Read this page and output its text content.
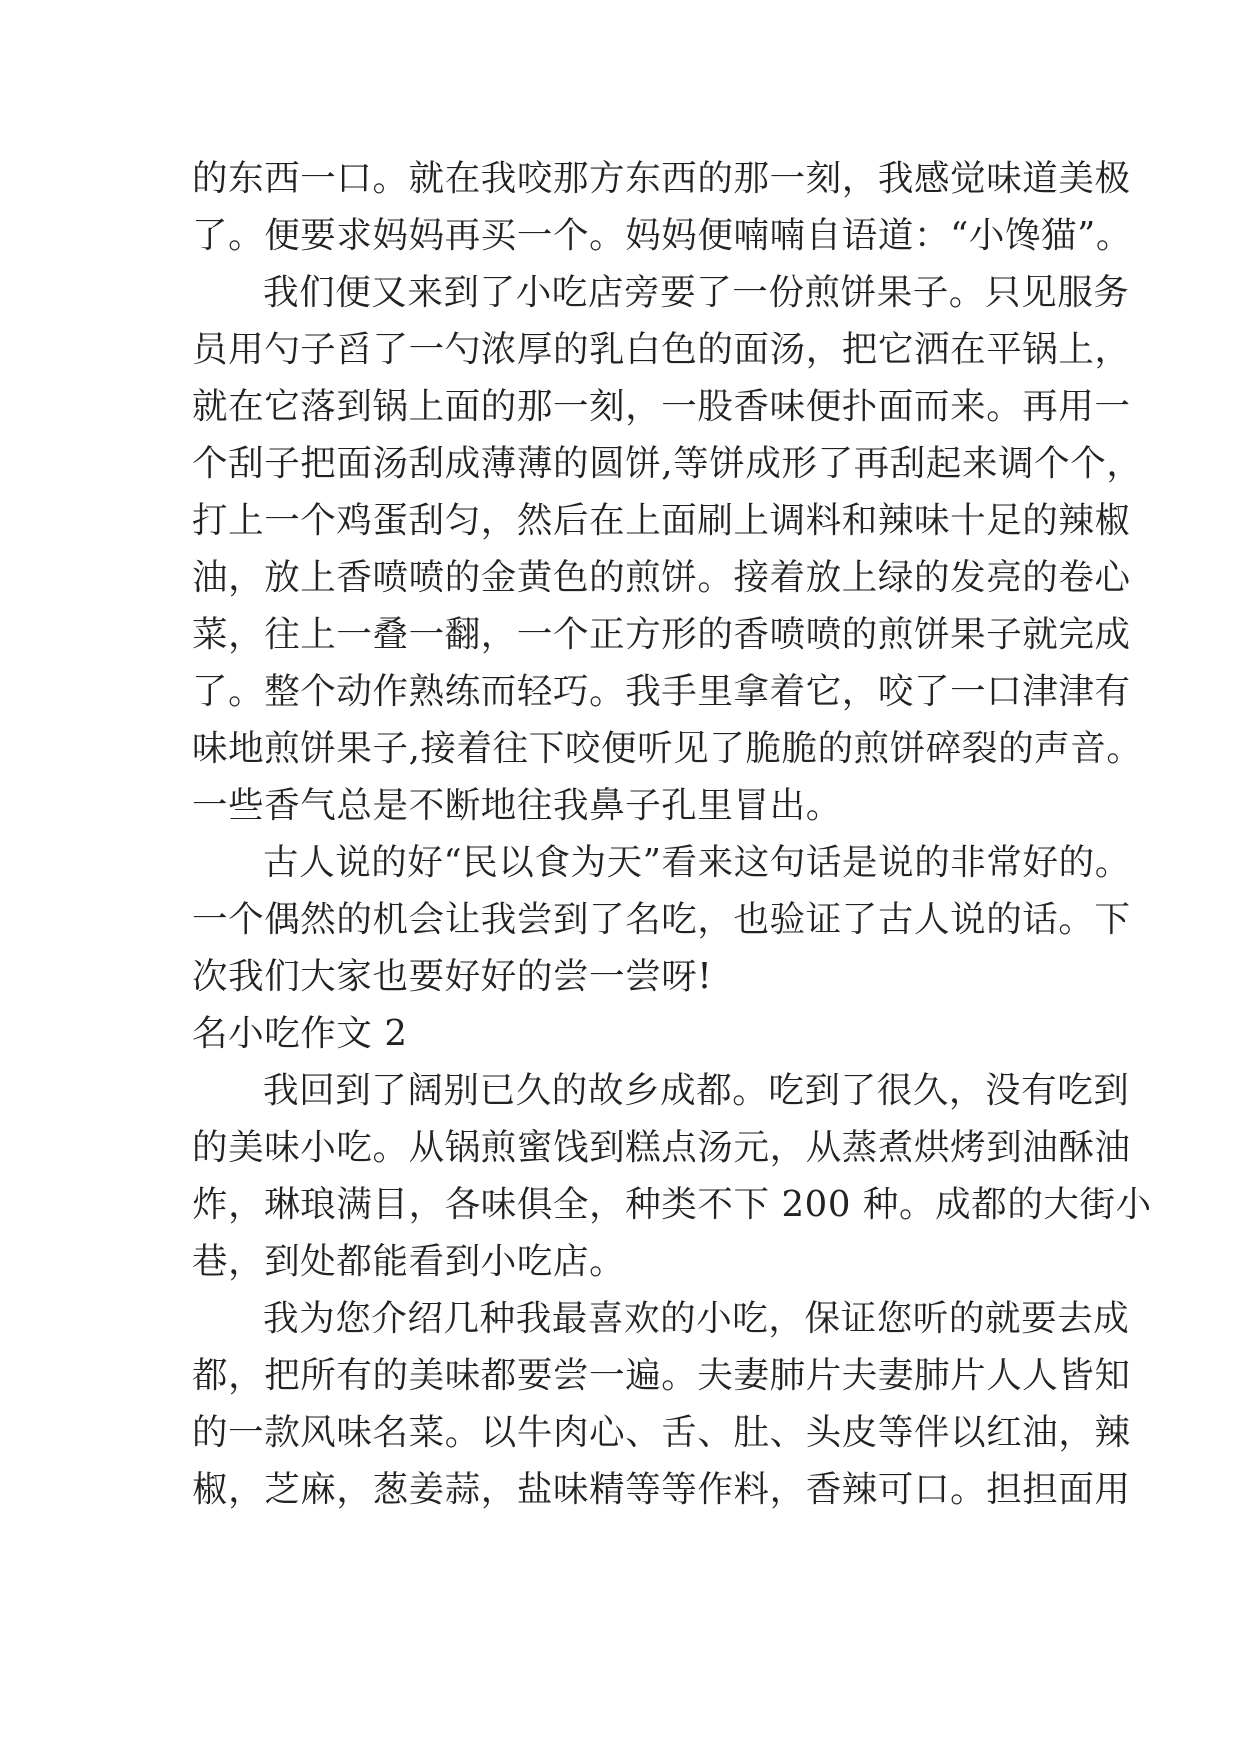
的东西一口。就在我咬那方东西的那一刻，我感觉味道美极
了。便要求妈妈再买一个。妈妈便喃喃自语道：“小馋猫”。
我们便又来到了小吃店旁要了一份煎饼果子。只见服务
员用勺子舀了一勺浓厚的乳白色的面汤，把它洒在平锅上，
就在它落到锅上面的那一刻，一股香味便扑面而来。再用一
个刮子把面汤刮成薄薄的圆饼,等饼成形了再刮起来调个个，
打上一个鸡蛋刮匀，然后在上面刷上调料和辣味十足的辣椒
油，放上香喷喷的金黄色的煎饼。接着放上绿的发亮的卷心
菜，往上一叠一翻，一个正方形的香喷喷的煎饼果子就完成
了。整个动作熟练而轻巧。我手里拿着它，咬了一口津津有
味地煎饼果子,接着往下咬便听见了脆脆的煎饼碎裂的声音。
一些香气总是不断地往我鼻子孔里冒出。
古人说的好“民以食为天”看来这句话是说的非常好的。
一个偶然的机会让我尝到了名吃，也验证了古人说的话。下
次我们大家也要好好的尝一尝呀!
名小吃作文 2
我回到了阔别已久的故乡成都。吃到了很久，没有吃到
的美味小吃。从锅煎蜜饯到糕点汤元，从蒸煮烘烤到油酥油
炸，琳琅满目，各味俱全，种类不下 200 种。成都的大街小
巷，到处都能看到小吃店。
我为您介绍几种我最喜欢的小吃，保证您听的就要去成
都，把所有的美味都要尝一遍。夫妻肺片夫妻肺片人人皆知
的一款风味名菜。以牛肉心、舌、肚、头皮等伴以红油，辣
椒，芝麻，葱姜蒜，盐味精等等作料，香辣可口。担担面用
